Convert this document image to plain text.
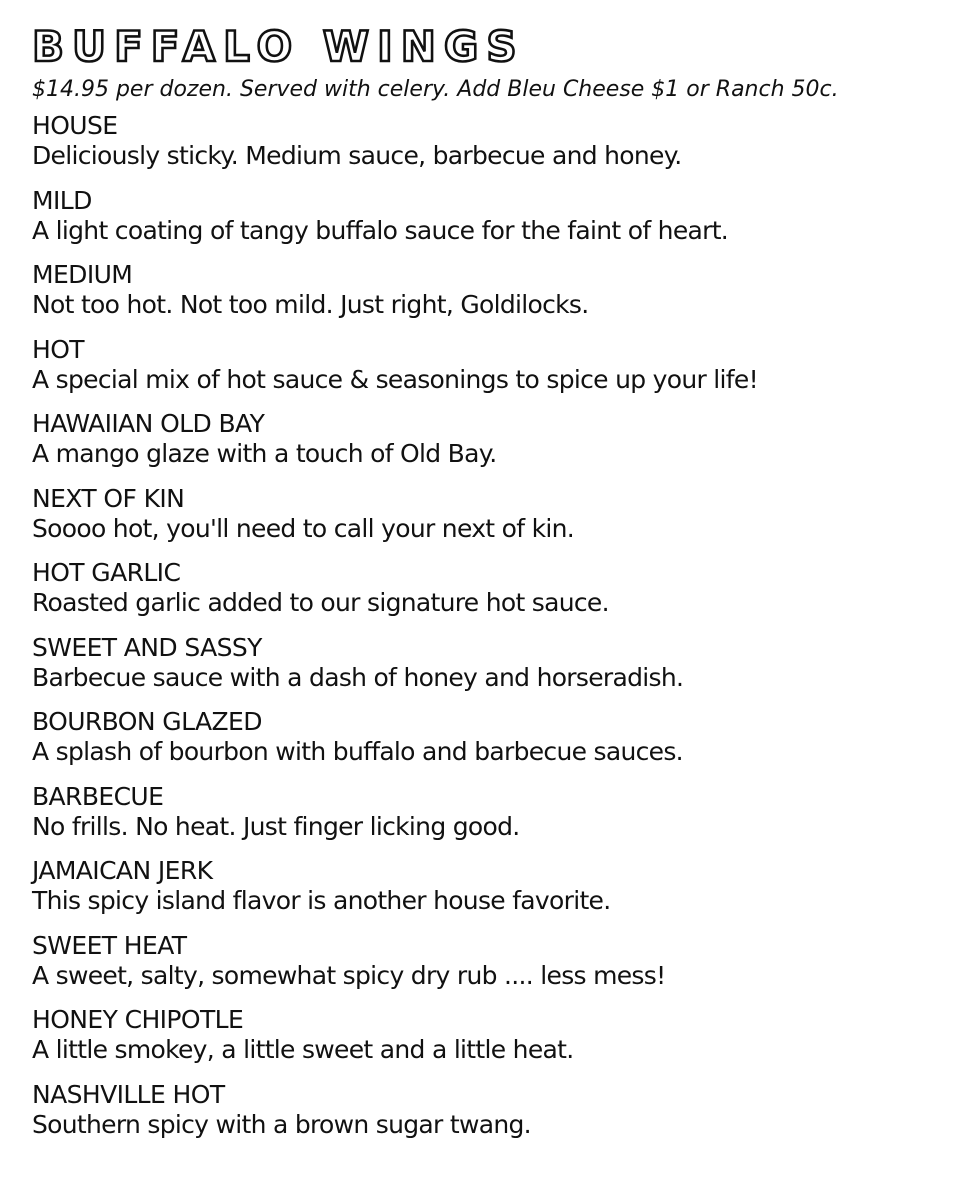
BUFFALO WINGS
$14.95 per dozen. Served with celery. Add Bleu Cheese $1 or Ranch 50c.
HOUSE
Deliciously sticky. Medium sauce, barbecue and honey.
MILD
A light coating of tangy buffalo sauce for the faint of heart.
MEDIUM
Not too hot. Not too mild. Just right, Goldilocks.
HOT
A special mix of hot sauce & seasonings to spice up your life!
HAWAIIAN OLD BAY
A mango glaze with a touch of Old Bay.
NEXT OF KIN
Soooo hot, you'll need to call your next of kin.
HOT GARLIC
Roasted garlic added to our signature hot sauce.
SWEET AND SASSY
Barbecue sauce with a dash of honey and horseradish.
BOURBON GLAZED
A splash of bourbon with buffalo and barbecue sauces.
BARBECUE
No frills. No heat. Just finger licking good.
JAMAICAN JERK
This spicy island flavor is another house favorite.
SWEET HEAT
A sweet, salty, somewhat spicy dry rub .... less mess!
HONEY CHIPOTLE
A little smokey, a little sweet and a little heat.
NASHVILLE HOT
Southern spicy with a brown sugar twang.
